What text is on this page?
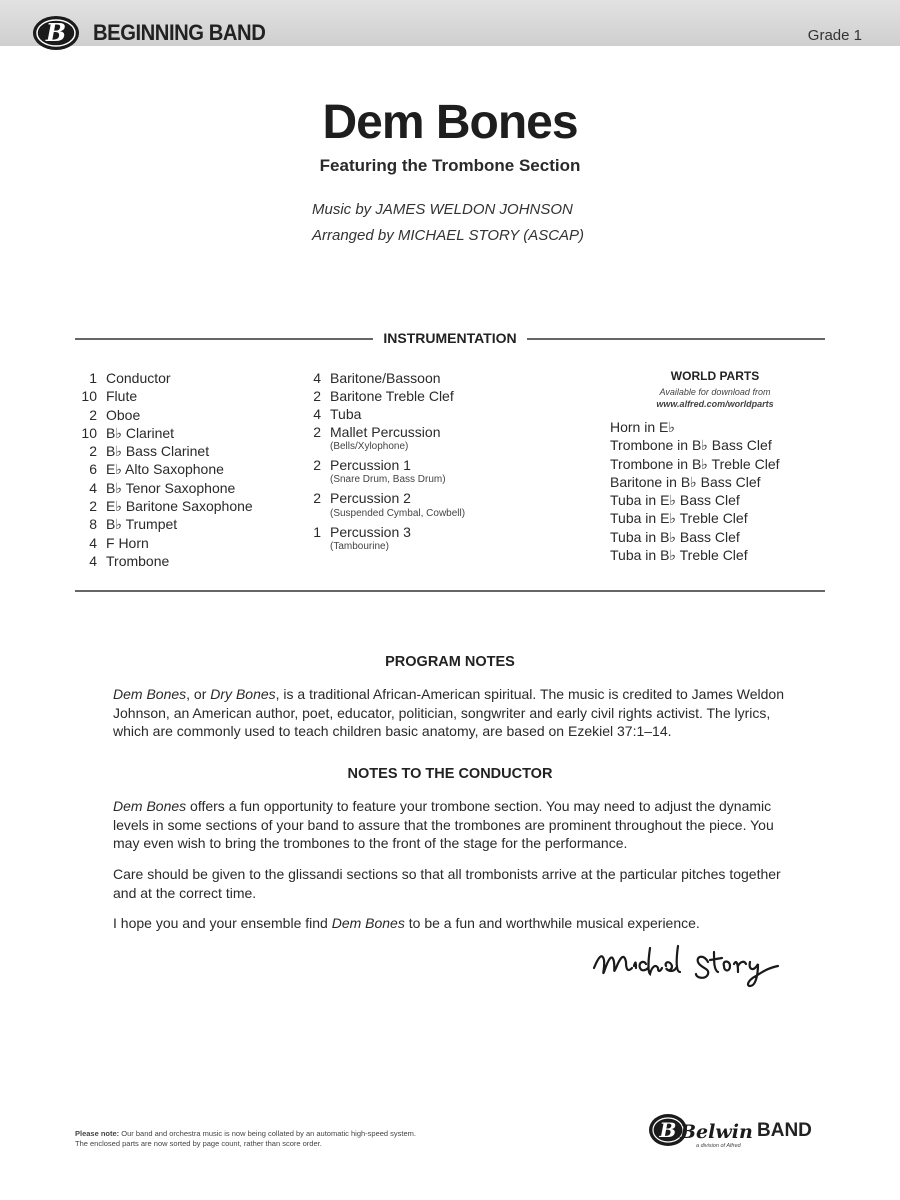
B BEGINNING BAND	Grade 1
Dem Bones
Featuring the Trombone Section
Music by JAMES WELDON JOHNSON
Arranged by MICHAEL STORY (ASCAP)
INSTRUMENTATION
1 Conductor
10 Flute
2 Oboe
10 B♭ Clarinet
2 B♭ Bass Clarinet
6 E♭ Alto Saxophone
4 B♭ Tenor Saxophone
2 E♭ Baritone Saxophone
8 B♭ Trumpet
4 F Horn
4 Trombone
4 Baritone/Bassoon
2 Baritone Treble Clef
4 Tuba
2 Mallet Percussion
(Bells/Xylophone)
2 Percussion 1
(Snare Drum, Bass Drum)
2 Percussion 2
(Suspended Cymbal, Cowbell)
1 Percussion 3
(Tambourine)
WORLD PARTS
Available for download from
www.alfred.com/worldparts
Horn in E♭
Trombone in B♭ Bass Clef
Trombone in B♭ Treble Clef
Baritone in B♭ Bass Clef
Tuba in E♭ Bass Clef
Tuba in E♭ Treble Clef
Tuba in B♭ Bass Clef
Tuba in B♭ Treble Clef
PROGRAM NOTES
Dem Bones, or Dry Bones, is a traditional African-American spiritual. The music is credited to James Weldon Johnson, an American author, poet, educator, politician, songwriter and early civil rights activist. The lyrics, which are commonly used to teach children basic anatomy, are based on Ezekiel 37:1–14.
NOTES TO THE CONDUCTOR
Dem Bones offers a fun opportunity to feature your trombone section. You may need to adjust the dynamic levels in some sections of your band to assure that the trombones are prominent throughout the piece. You may even wish to bring the trombones to the front of the stage for the performance.
Care should be given to the glissandi sections so that all trombonists arrive at the particular pitches together and at the correct time.
I hope you and your ensemble find Dem Bones to be a fun and worthwhile musical experience.
Please note: Our band and orchestra music is now being collated by an automatic high-speed system.
The enclosed parts are now sorted by page count, rather than score order.
B Belwin BAND
a division of Alfred
